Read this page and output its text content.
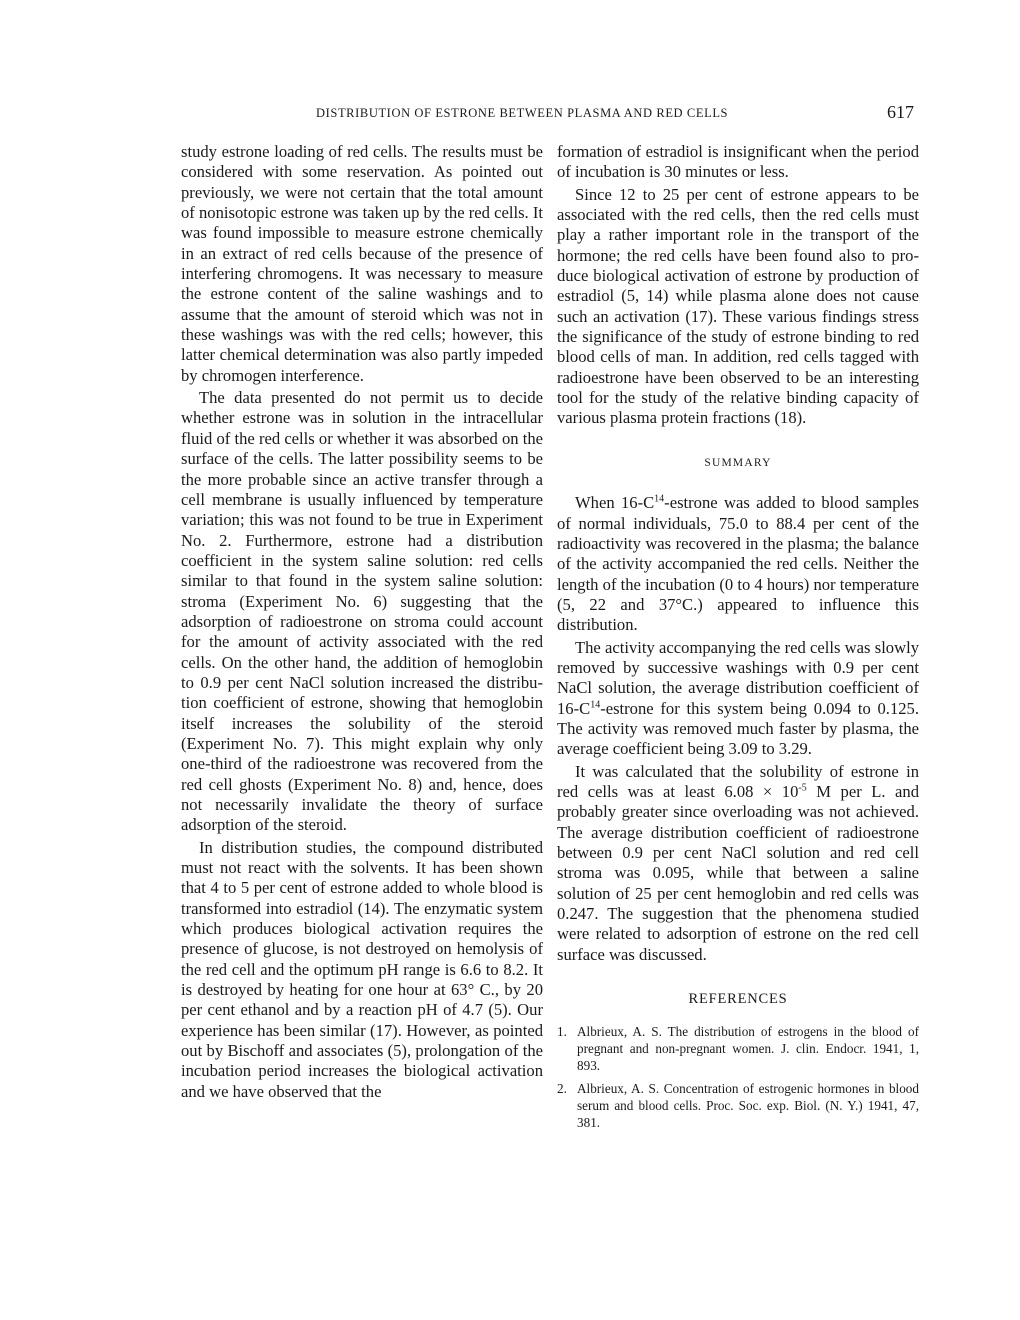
DISTRIBUTION OF ESTRONE BETWEEN PLASMA AND RED CELLS	617

study estrone loading of red cells. The results must be considered with some reservation. As pointed out previously, we were not certain that the total amount of nonisotopic estrone was taken up by the red cells. It was found impossible to measure estrone chemically in an extract of red cells because of the presence of interfering chromogens. It was necessary to measure the estrone content of the saline washings and to assume that the amount of steroid which was not in these washings was with the red cells; however, this latter chemical determination was also partly impeded by chromogen interference.

The data presented do not permit us to decide whether estrone was in solution in the intracellular fluid of the red cells or whether it was absorbed on the surface of the cells. The latter possibility seems to be the more probable since an active transfer through a cell membrane is usually influenced by temperature variation; this was not found to be true in Experiment No. 2. Furthermore, estrone had a distribution coefficient in the system saline solution: red cells similar to that found in the system saline solution: stroma (Experiment No. 6) suggesting that the adsorption of radioestrone on stroma could account for the amount of activity associated with the red cells. On the other hand, the addition of hemoglobin to 0.9 per cent NaCl solution increased the distribution coefficient of estrone, showing that hemoglobin itself increases the solubility of the steroid (Experiment No. 7). This might explain why only one-third of the radioestrone was recovered from the red cell ghosts (Experiment No. 8) and, hence, does not necessarily invalidate the theory of surface adsorption of the steroid.

In distribution studies, the compound distributed must not react with the solvents. It has been shown that 4 to 5 per cent of estrone added to whole blood is transformed into estradiol (14). The enzymatic system which produces biological activation requires the presence of glucose, is not destroyed on hemolysis of the red cell and the optimum pH range is 6.6 to 8.2. It is destroyed by heating for one hour at 63° C., by 20 per cent ethanol and by a reaction pH of 4.7 (5). Our experience has been similar (17). However, as pointed out by Bischoff and associates (5), prolongation of the incubation period increases the biological activation and we have observed that the

formation of estradiol is insignificant when the period of incubation is 30 minutes or less.

Since 12 to 25 per cent of estrone appears to be associated with the red cells, then the red cells must play a rather important role in the transport of the hormone; the red cells have been found also to produce biological activation of estrone by production of estradiol (5, 14) while plasma alone does not cause such an activation (17). These various findings stress the significance of the study of estrone binding to red blood cells of man. In addition, red cells tagged with radioestrone have been observed to be an interesting tool for the study of the relative binding capacity of various plasma protein fractions (18).

SUMMARY

When $16-C^{14}$-estrone was added to blood samples of normal individuals, 75.0 to 88.4 per cent of the radioactivity was recovered in the plasma; the balance of the activity accompanied the red cells. Neither the length of the incubation (0 to 4 hours) nor temperature (5, 22 and 37°C.) appeared to influence this distribution.

The activity accompanying the red cells was slowly removed by successive washings with 0.9 per cent NaCl solution, the average distribution coefficient of $16-C^{14}$-estrone for this system being 0.094 to 0.125. The activity was removed much faster by plasma, the average coefficient being 3.09 to 3.29.

It was calculated that the solubility of estrone in red cells was at least $6.08 \times 10^{-5}$ M per L. and probably greater since overloading was not achieved. The average distribution coefficient of radioestrone between 0.9 per cent NaCl solution and red cell stroma was 0.095, while that between a saline solution of 25 per cent hemoglobin and red cells was 0.247. The suggestion that the phenomena studied were related to adsorption of estrone on the red cell surface was discussed.

REFERENCES
1. Albrieux, A. S. The distribution of estrogens in the blood of pregnant and non-pregnant women. J. clin. Endocr. 1941, 1, 893.
2. Albrieux, A. S. Concentration of estrogenic hormones in blood serum and blood cells. Proc. Soc. exp. Biol. (N. Y.) 1941, 47, 381.
